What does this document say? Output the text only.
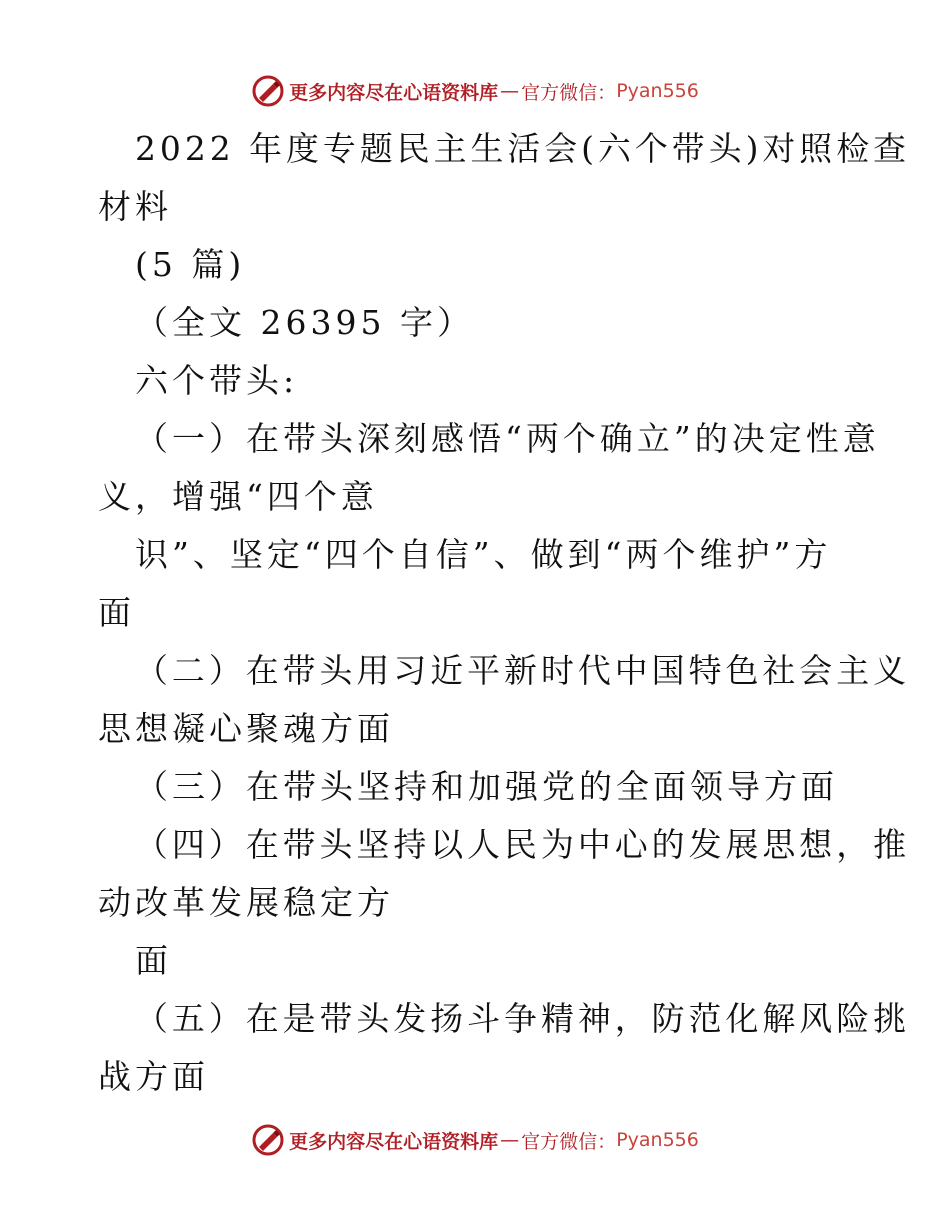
更多内容尽在心语资料库 — 官方微信： Pyan556
2022 年度专题民主生活会(六个带头)对照检查
材料
(5 篇)
（全文 26395 字）
六个带头:
（一）在带头深刻感悟“两个确立”的决定性意
义，增强“四个意
识”、坚定“四个自信”、做到“两个维护”方
面
（二）在带头用习近平新时代中国特色社会主义
思想凝心聚魂方面
（三）在带头坚持和加强党的全面领导方面
（四）在带头坚持以人民为中心的发展思想，推
动改革发展稳定方
面
（五）在是带头发扬斗争精神，防范化解风险挑
战方面
更多内容尽在心语资料库 — 官方微信： Pyan556
